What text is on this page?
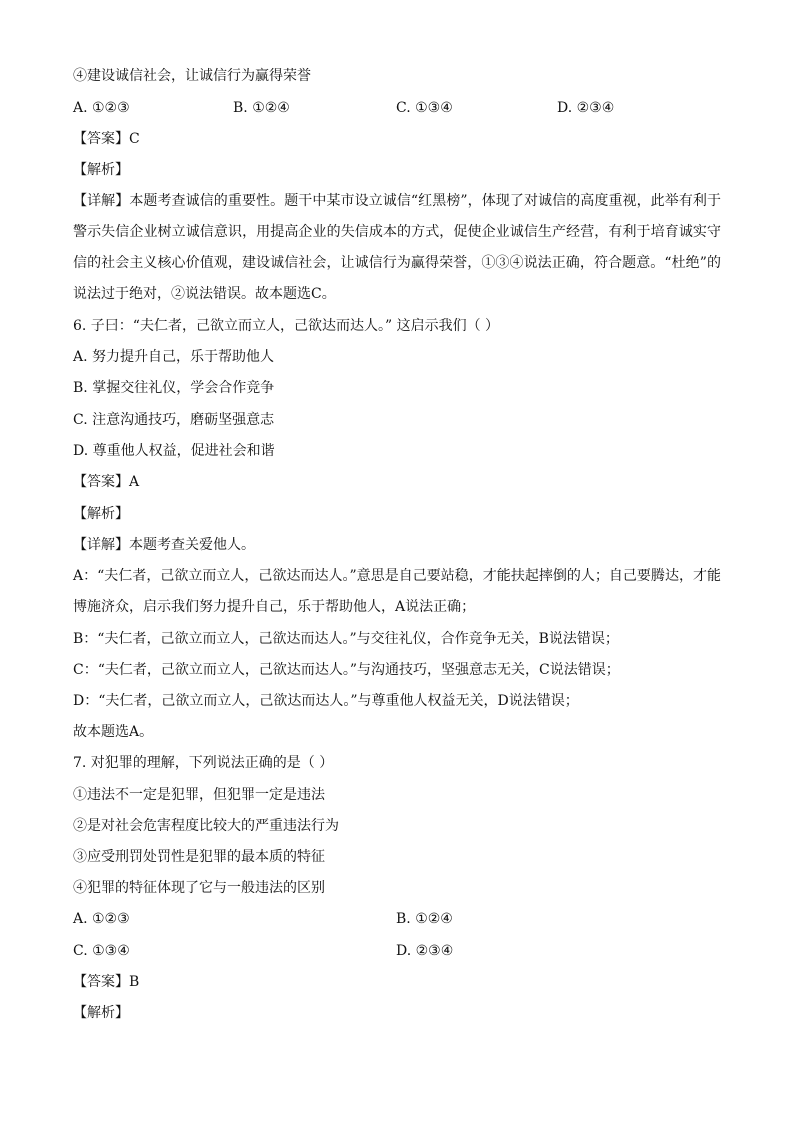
④建设诚信社会，让诚信行为赢得荣誉
A. ①②③	B. ①②④	C. ①③④	D. ②③④
【答案】C
【解析】
【详解】本题考查诚信的重要性。题干中某市设立诚信“红黑榜”，体现了对诚信的高度重视，此举有利于警示失信企业树立诚信意识，用提高企业的失信成本的方式，促使企业诚信生产经营，有利于培育诚实守信的社会主义核心价值观，建设诚信社会，让诚信行为赢得荣誉，①③④说法正确，符合题意。“杜绝”的说法过于绝对，②说法错误。故本题选C。
6. 子曰：“夫仁者，己欲立而立人，己欲达而达人。” 这启示我们（ ）
A. 努力提升自己，乐于帮助他人
B. 掌握交往礼仪，学会合作竞争
C. 注意沟通技巧，磨砺坚强意志
D. 尊重他人权益，促进社会和谐
【答案】A
【解析】
【详解】本题考查关爱他人。
A：“夫仁者，己欲立而立人，己欲达而达人。”意思是自己要站稳，才能扶起摔倒的人；自己要腾达，才能博施济众，启示我们努力提升自己，乐于帮助他人，A说法正确；
B：“夫仁者，己欲立而立人，己欲达而达人。”与交往礼仪，合作竞争无关，B说法错误；
C：“夫仁者，己欲立而立人，己欲达而达人。”与沟通技巧，坚强意志无关，C说法错误；
D：“夫仁者，己欲立而立人，己欲达而达人。”与尊重他人权益无关，D说法错误；
故本题选A。
7. 对犯罪的理解，下列说法正确的是（ ）
①违法不一定是犯罪，但犯罪一定是违法
②是对社会危害程度比较大的严重违法行为
③应受刑罚处罚性是犯罪的最本质的特征
④犯罪的特征体现了它与一般违法的区别
A. ①②③	B. ①②④
C. ①③④	D. ②③④
【答案】B
【解析】
